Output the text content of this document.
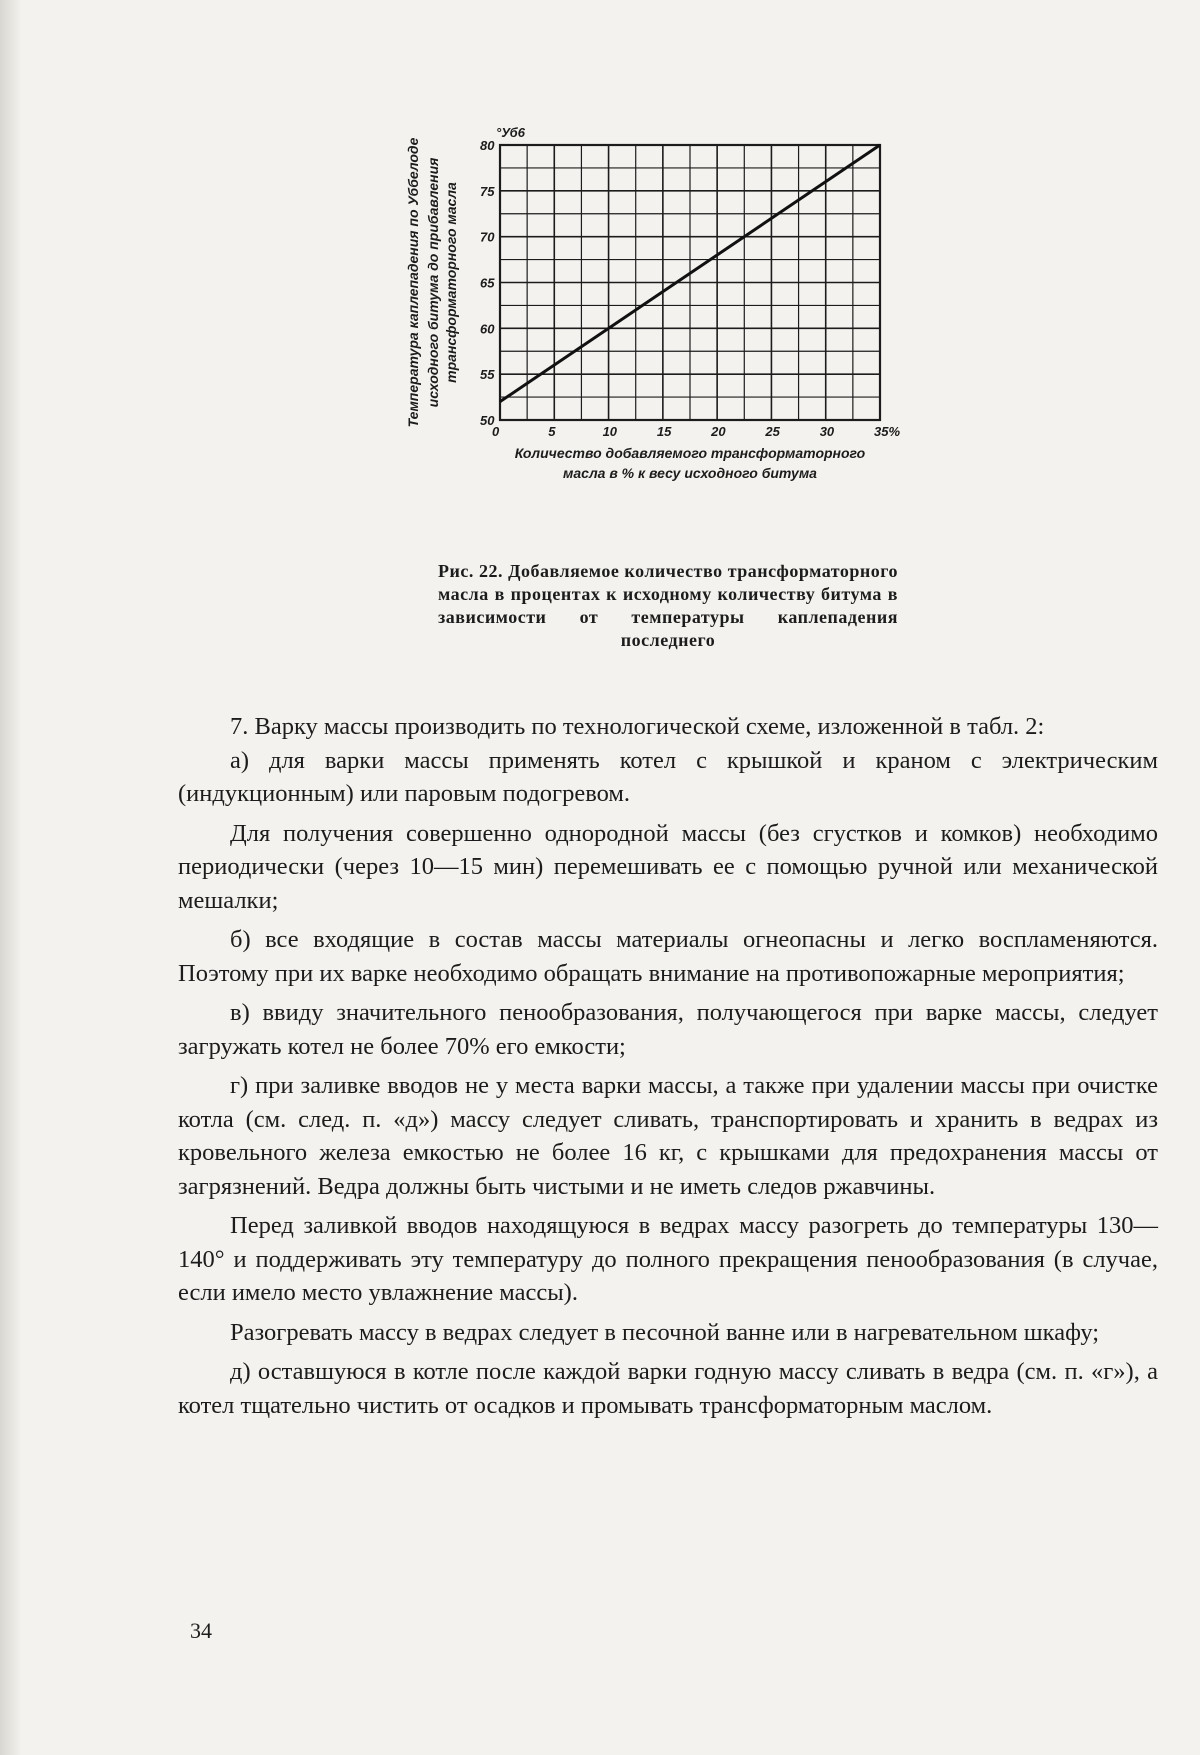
0	5	10	15	20	25	30	35%
50
55
60
65
70
75
80
°Уб6
Количество добавляемого трансформаторного
масла в % к весу исходного битума
Температура каплепадения по Уббелоде исходного битума до прибавления трансформаторного масла
Рис. 22. Добавляемое количество трансформаторного масла в процентах к исходному количеству битума в зависимости от температуры каплепадения последнего

7. Варку массы производить по технологической схеме, изложенной в табл. 2:

а) для варки массы применять котел с крышкой и краном с электрическим (индукционным) или паровым подогревом.

Для получения совершенно однородной массы (без сгустков и комков) необходимо периодически (через 10—15 мин) перемешивать ее с помощью ручной или механической мешалки;

б) все входящие в состав массы материалы огнеопасны и легко воспламеняются. Поэтому при их варке необходимо обращать внимание на противопожарные мероприятия;

в) ввиду значительного пенообразования, получающегося при варке массы, следует загружать котел не более 70% его емкости;

г) при заливке вводов не у места варки массы, а также при удалении массы при очистке котла (см. след. п. «д») массу следует сливать, транспортировать и хранить в ведрах из кровельного железа емкостью не более 16 кг, с крышками для предохранения массы от загрязнений. Ведра должны быть чистыми и не иметь следов ржавчины.

Перед заливкой вводов находящуюся в ведрах массу разогреть до температуры 130—140° и поддерживать эту температуру до полного прекращения пенообразования (в случае, если имело место увлажнение массы).

Разогревать массу в ведрах следует в песочной ванне или в нагревательном шкафу;

д) оставшуюся в котле после каждой варки годную массу сливать в ведра (см. п. «г»), а котел тщательно чистить от осадков и промывать трансформаторным маслом.

34
